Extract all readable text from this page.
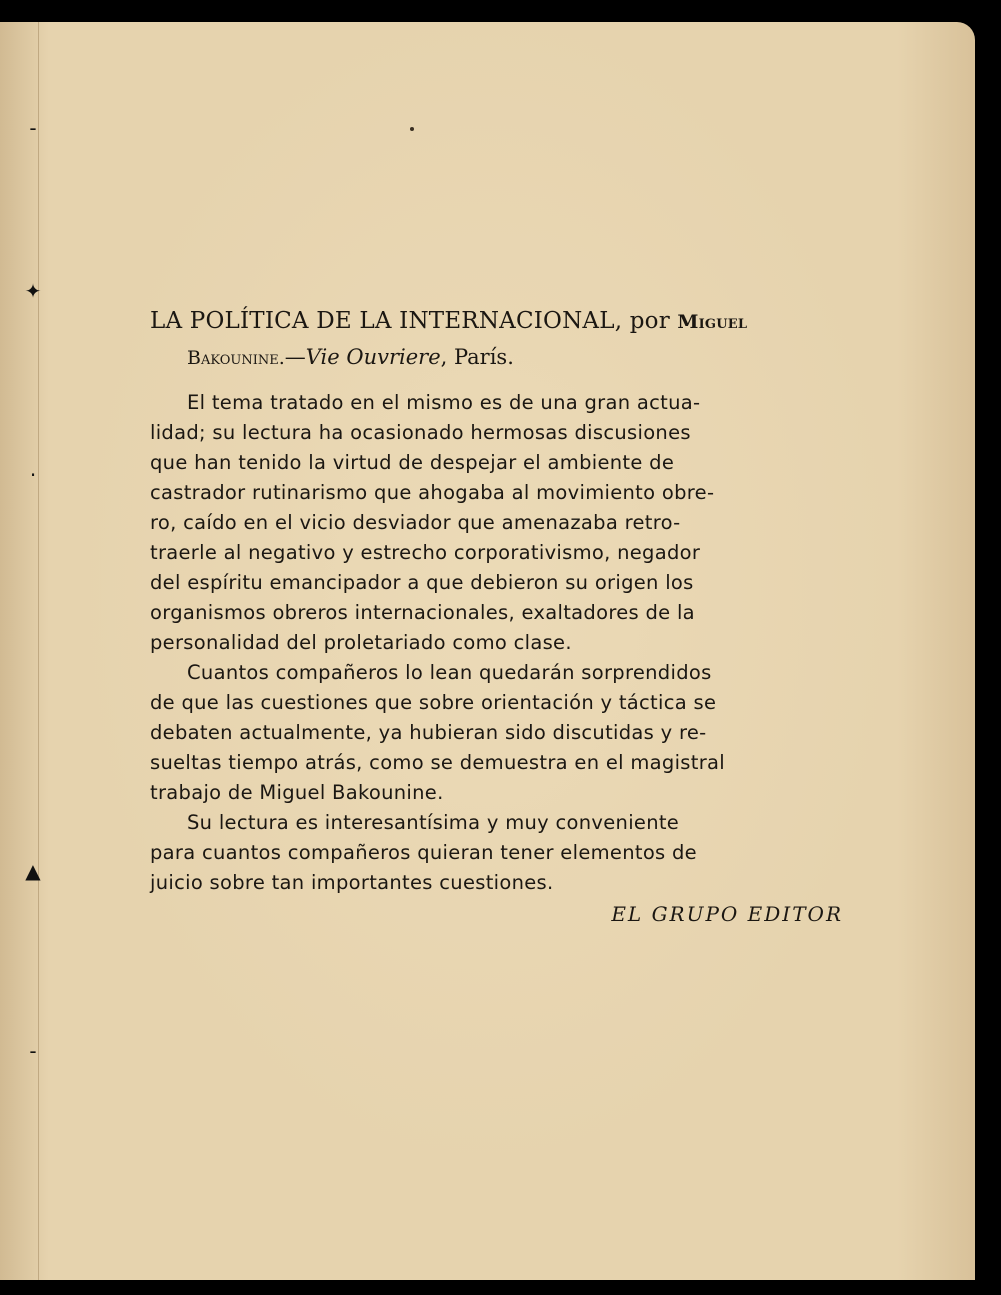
‑
✦
·
▲
‑

LA POLÍTICA DE LA INTERNACIONAL, por Miguel

Bakounine.—Vie Ouvriere, París.

El tema tratado en el mismo es de una gran actua-
lidad; su lectura ha ocasionado hermosas discusiones
que han tenido la virtud de despejar el ambiente de
castrador rutinarismo que ahogaba al movimiento obre-
ro, caído en el vicio desviador que amenazaba retro-
traerle al negativo y estrecho corporativismo, negador
del espíritu emancipador a que debieron su origen los
organismos obreros internacionales, exaltadores de la
personalidad del proletariado como clase.

Cuantos compañeros lo lean quedarán sorprendidos
de que las cuestiones que sobre orientación y táctica se
debaten actualmente, ya hubieran sido discutidas y re-
sueltas tiempo atrás, como se demuestra en el magistral
trabajo de Miguel Bakounine.

Su lectura es interesantísima y muy conveniente
para cuantos compañeros quieran tener elementos de
juicio sobre tan importantes cuestiones.

EL GRUPO EDITOR
